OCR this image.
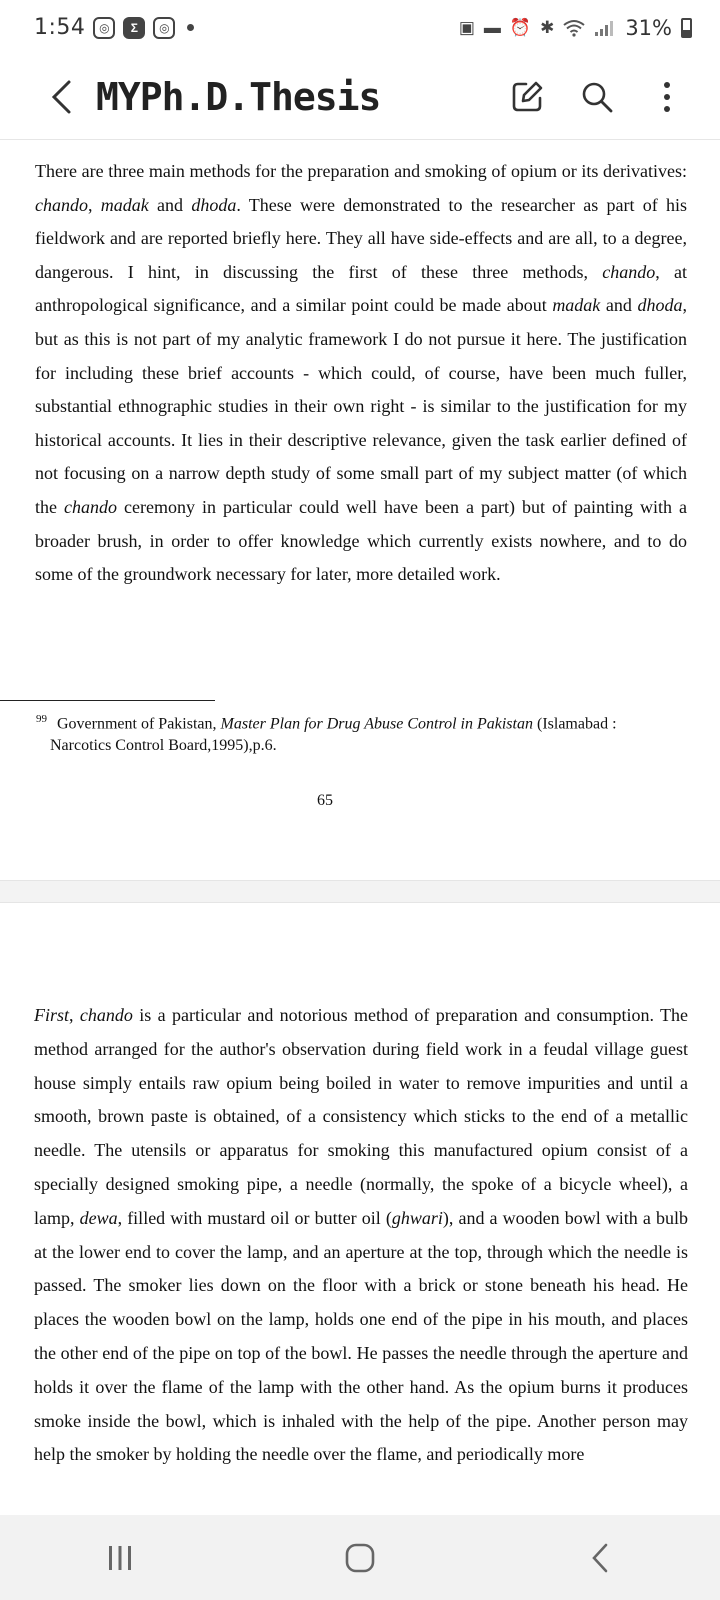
1:54	◎	Σ	◎	▣ ▬ ⏰ ✱	31%
MYPh.D.Thesis

There are three main methods for the preparation and smoking of opium or its derivatives: chando, madak and dhoda. These were demonstrated to the researcher as part of his fieldwork and are reported briefly here. They all have side-effects and are all, to a degree, dangerous. I hint, in discussing the first of these three methods, chando, at anthropological significance, and a similar point could be made about madak and dhoda, but as this is not part of my analytic framework I do not pursue it here. The justification for including these brief accounts - which could, of course, have been much fuller, substantial ethnographic studies in their own right - is similar to the justification for my historical accounts. It lies in their descriptive relevance, given the task earlier defined of not focusing on a narrow depth study of some small part of my subject matter (of which the chando ceremony in particular could well have been a part) but of painting with a broader brush, in order to offer knowledge which currently exists nowhere, and to do some of the groundwork necessary for later, more detailed work.

$^{99}$ Government of Pakistan, Master Plan for Drug Abuse Control in Pakistan (Islamabad :
Narcotics Control Board,1995),p.6.
65

First, chando is a particular and notorious method of preparation and consumption. The method arranged for the author's observation during field work in a feudal village guest house simply entails raw opium being boiled in water to remove impurities and until a smooth, brown paste is obtained, of a consistency which sticks to the end of a metallic needle. The utensils or apparatus for smoking this manufactured opium consist of a specially designed smoking pipe, a needle (normally, the spoke of a bicycle wheel), a lamp, dewa, filled with mustard oil or butter oil (ghwari), and a wooden bowl with a bulb at the lower end to cover the lamp, and an aperture at the top, through which the needle is passed. The smoker lies down on the floor with a brick or stone beneath his head. He places the wooden bowl on the lamp, holds one end of the pipe in his mouth, and places the other end of the pipe on top of the bowl. He passes the needle through the aperture and holds it over the flame of the lamp with the other hand. As the opium burns it produces smoke inside the bowl, which is inhaled with the help of the pipe. Another person may help the smoker by holding the needle over the flame, and periodically more
